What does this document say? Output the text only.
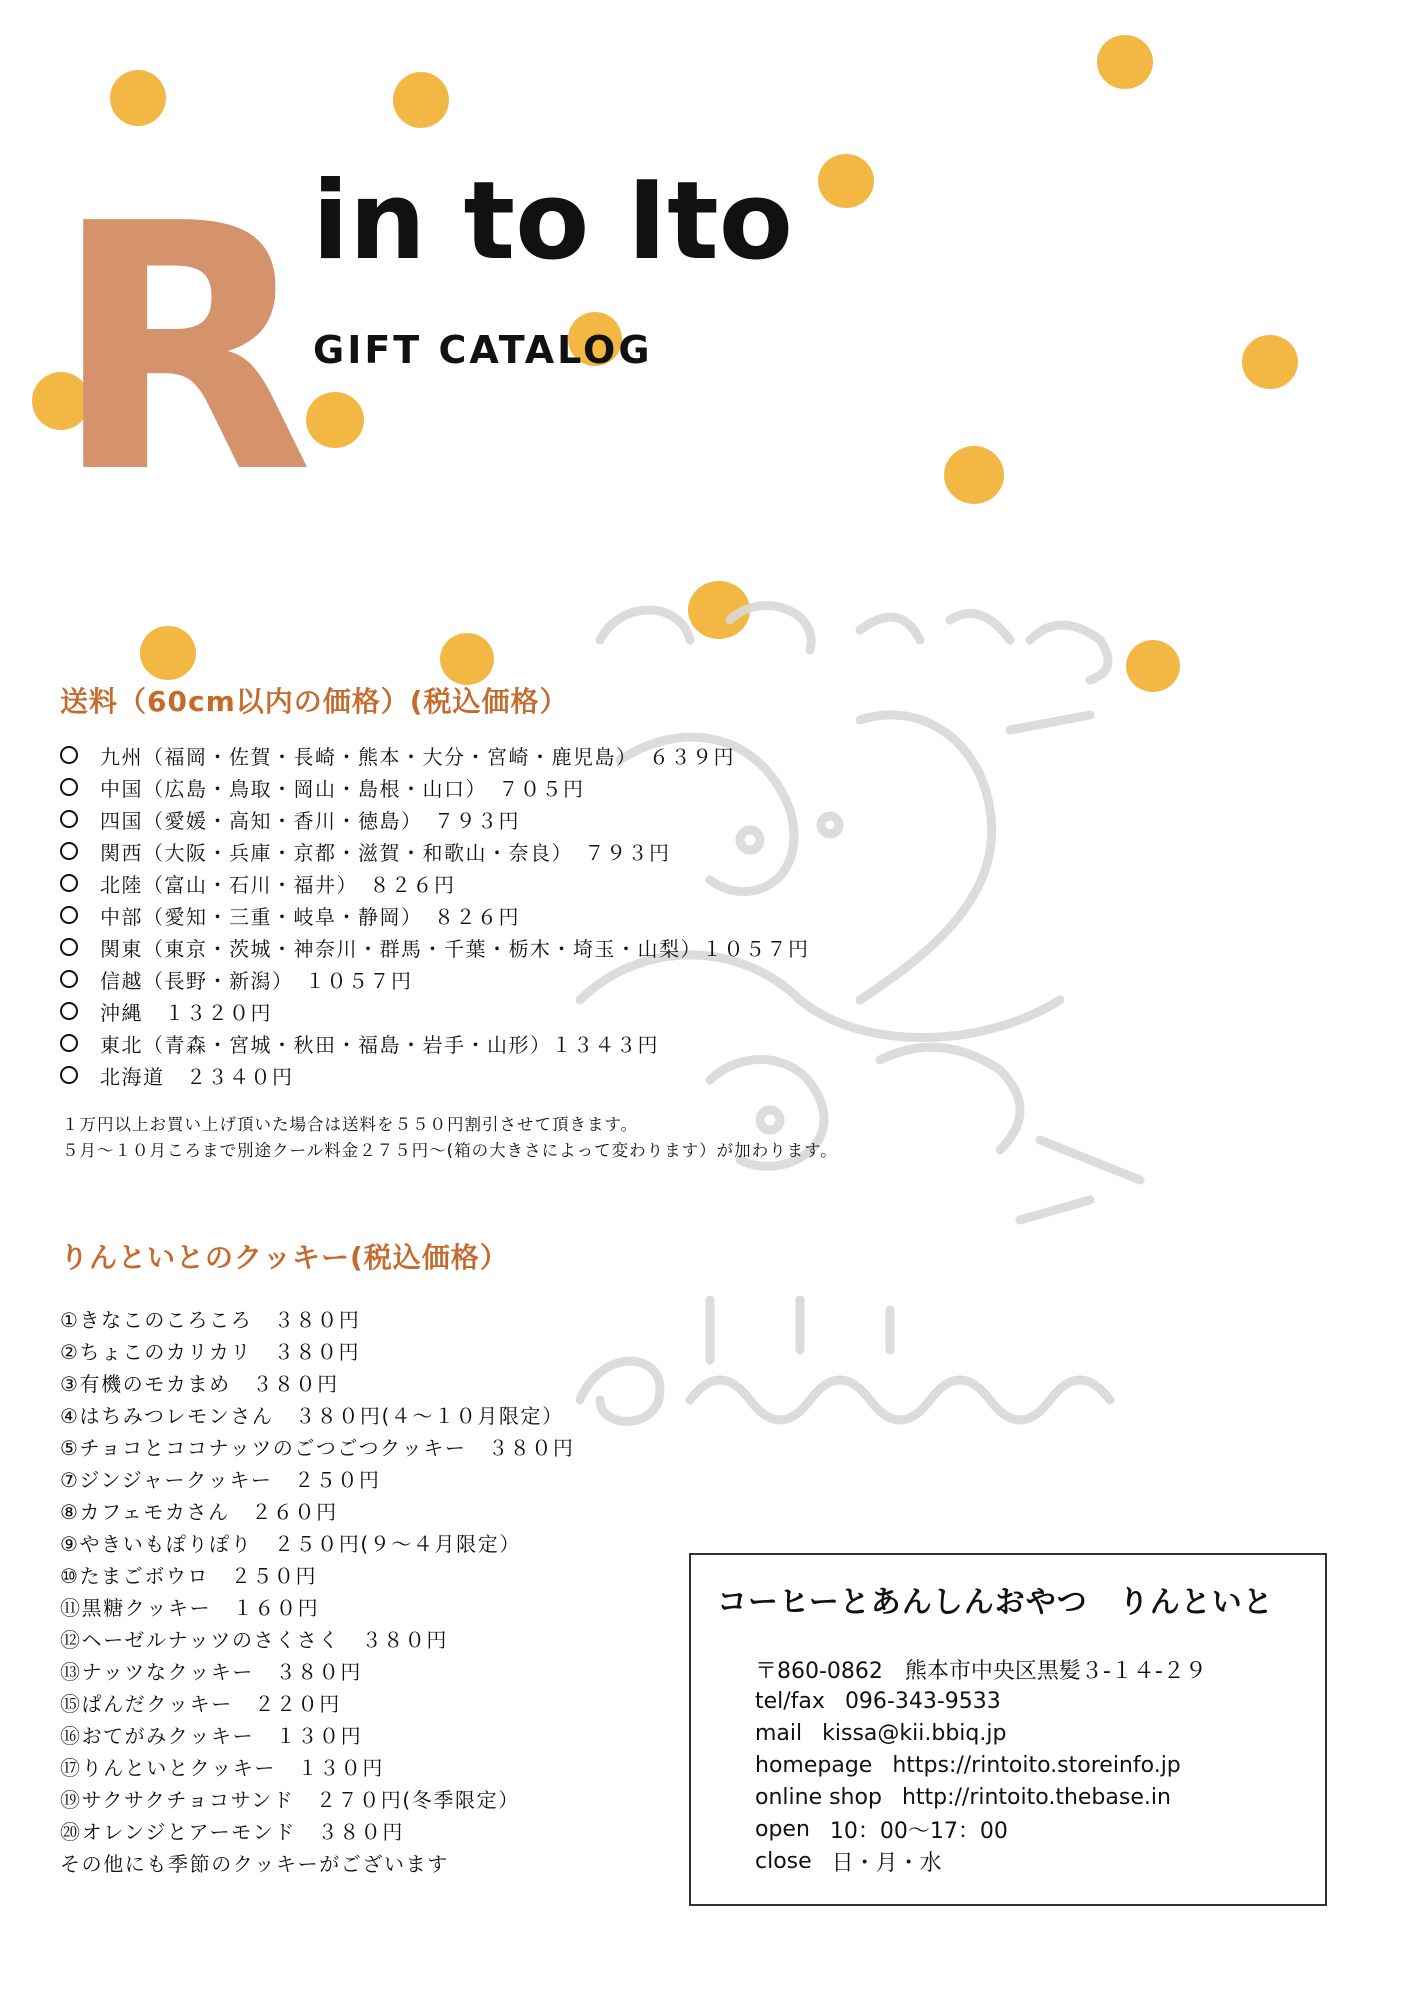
R in to Ito
GIFT CATALOG
送料（60cm以内の価格）(税込価格）
九州（福岡・佐賀・長崎・熊本・大分・宮崎・鹿児島）　６３９円
中国（広島・鳥取・岡山・島根・山口）　７０５円
四国（愛媛・高知・香川・徳島）　７９３円
関西（大阪・兵庫・京都・滋賀・和歌山・奈良）　７９３円
北陸（富山・石川・福井）　８２６円
中部（愛知・三重・岐阜・静岡）　８２６円
関東（東京・茨城・神奈川・群馬・千葉・栃木・埼玉・山梨）１０５７円
信越（長野・新潟）　１０５７円
沖縄　１３２０円
東北（青森・宮城・秋田・福島・岩手・山形）１３４３円
北海道　２３４０円
１万円以上お買い上げ頂いた場合は送料を５５０円割引させて頂きます。
５月〜１０月ころまで別途クール料金２７５円〜(箱の大きさによって変わります）が加わります。
りんといとのクッキー(税込価格）
①きなこのころころ　３８０円
②ちょこのカリカリ　３８０円
③有機のモカまめ　３８０円
④はちみつレモンさん　３８０円(４〜１０月限定）
⑤チョコとココナッツのごつごつクッキー　３８０円
⑦ジンジャークッキー　２５０円
⑧カフェモカさん　２６０円
⑨やきいもぽりぽり　２５０円(９〜４月限定）
⑩たまごボウロ　２５０円
⑪黒糖クッキー　１６０円
⑫ヘーゼルナッツのさくさく　３８０円
⑬ナッツなクッキー　３８０円
⑮ぱんだクッキー　２２０円
⑯おてがみクッキー　１３０円
⑰りんといとクッキー　１３０円
⑲サクサクチョコサンド　２７０円(冬季限定）
⑳オレンジとアーモンド　３８０円
その他にも季節のクッキーがございます
コーヒーとあんしんおやつ　りんといと
〒860-0862　熊本市中央区黒髪３-１４-２９
tel/fax 096-343-9533
mail kissa@kii.bbiq.jp
homepage https://rintoito.storeinfo.jp
online shop http://rintoito.thebase.in
open 10：00〜17：00
close 日・月・水
